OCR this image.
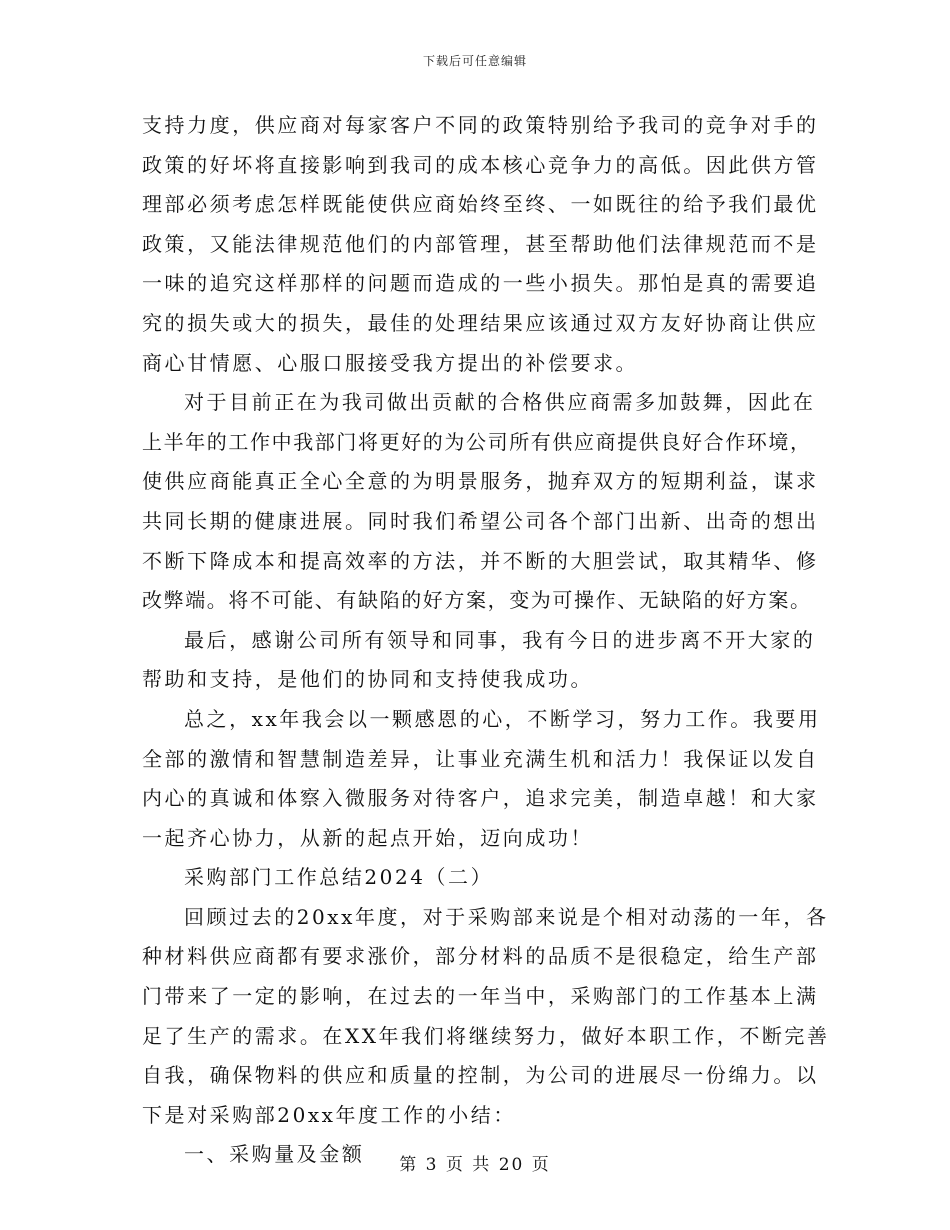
下载后可任意编辑
支持力度，供应商对每家客户不同的政策特别给予我司的竞争对手的
政策的好坏将直接影响到我司的成本核心竞争力的高低。因此供方管
理部必须考虑怎样既能使供应商始终至终、一如既往的给予我们最优
政策，又能法律规范他们的内部管理，甚至帮助他们法律规范而不是
一味的追究这样那样的问题而造成的一些小损失。那怕是真的需要追
究的损失或大的损失，最佳的处理结果应该通过双方友好协商让供应
商心甘情愿、心服口服接受我方提出的补偿要求。
对于目前正在为我司做出贡献的合格供应商需多加鼓舞，因此在
上半年的工作中我部门将更好的为公司所有供应商提供良好合作环境，
使供应商能真正全心全意的为明景服务，抛弃双方的短期利益，谋求
共同长期的健康进展。同时我们希望公司各个部门出新、出奇的想出
不断下降成本和提高效率的方法，并不断的大胆尝试，取其精华、修
改弊端。将不可能、有缺陷的好方案，变为可操作、无缺陷的好方案。
最后，感谢公司所有领导和同事，我有今日的进步离不开大家的
帮助和支持，是他们的协同和支持使我成功。
总之，xx年我会以一颗感恩的心，不断学习，努力工作。我要用
全部的激情和智慧制造差异，让事业充满生机和活力！我保证以发自
内心的真诚和体察入微服务对待客户，追求完美，制造卓越！和大家
一起齐心协力，从新的起点开始，迈向成功！
采购部门工作总结2024（二）
回顾过去的20xx年度，对于采购部来说是个相对动荡的一年，各
种材料供应商都有要求涨价，部分材料的品质不是很稳定，给生产部
门带来了一定的影响，在过去的一年当中，采购部门的工作基本上满
足了生产的需求。在XX年我们将继续努力，做好本职工作，不断完善
自我，确保物料的供应和质量的控制，为公司的进展尽一份绵力。以
下是对采购部20xx年度工作的小结：
一、采购量及金额	第 3 页 共 20 页
